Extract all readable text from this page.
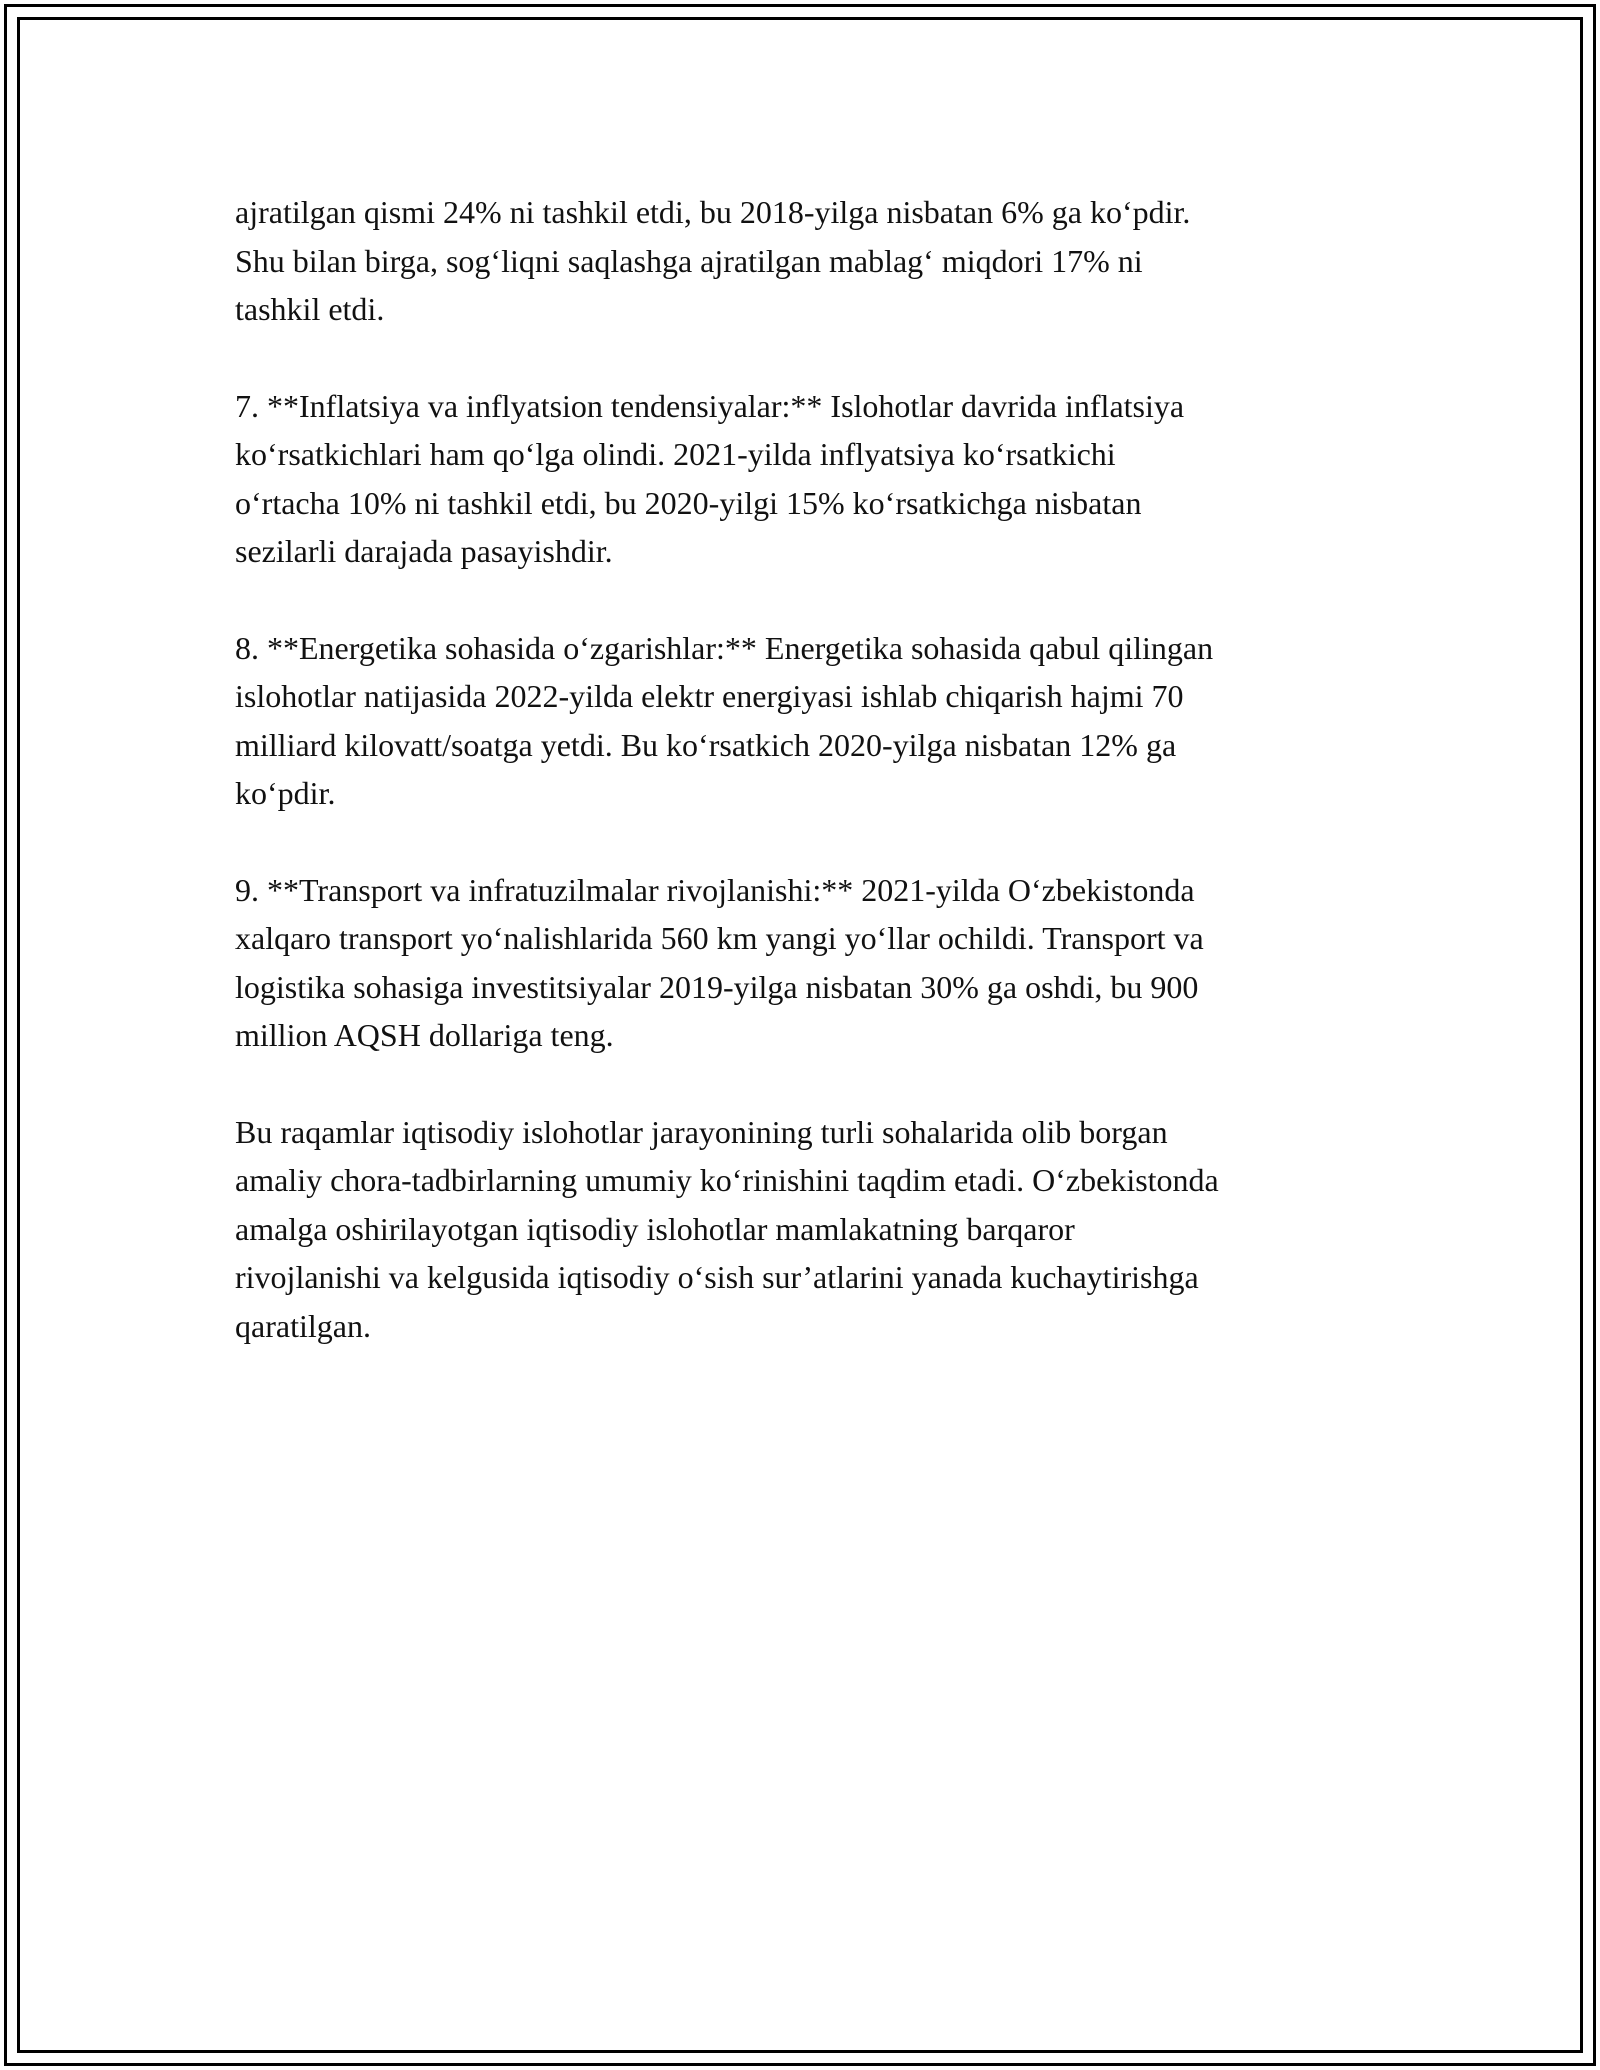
ajratilgan qismi 24% ni tashkil etdi, bu 2018-yilga nisbatan 6% ga ko‘pdir.
Shu bilan birga, sog‘liqni saqlashga ajratilgan mablag‘ miqdori 17% ni
tashkil etdi.

7. **Inflatsiya va inflyatsion tendensiyalar:** Islohotlar davrida inflatsiya
ko‘rsatkichlari ham qo‘lga olindi. 2021-yilda inflyatsiya ko‘rsatkichi
o‘rtacha 10% ni tashkil etdi, bu 2020-yilgi 15% ko‘rsatkichga nisbatan
sezilarli darajada pasayishdir.

8. **Energetika sohasida o‘zgarishlar:** Energetika sohasida qabul qilingan
islohotlar natijasida 2022-yilda elektr energiyasi ishlab chiqarish hajmi 70
milliard kilovatt/soatga yetdi. Bu ko‘rsatkich 2020-yilga nisbatan 12% ga
ko‘pdir.

9. **Transport va infratuzilmalar rivojlanishi:** 2021-yilda O‘zbekistonda
xalqaro transport yo‘nalishlarida 560 km yangi yo‘llar ochildi. Transport va
logistika sohasiga investitsiyalar 2019-yilga nisbatan 30% ga oshdi, bu 900
million AQSH dollariga teng.

Bu raqamlar iqtisodiy islohotlar jarayonining turli sohalarida olib borgan
amaliy chora-tadbirlarning umumiy ko‘rinishini taqdim etadi. O‘zbekistonda
amalga oshirilayotgan iqtisodiy islohotlar mamlakatning barqaror
rivojlanishi va kelgusida iqtisodiy o‘sish sur’atlarini yanada kuchaytirishga
qaratilgan.
